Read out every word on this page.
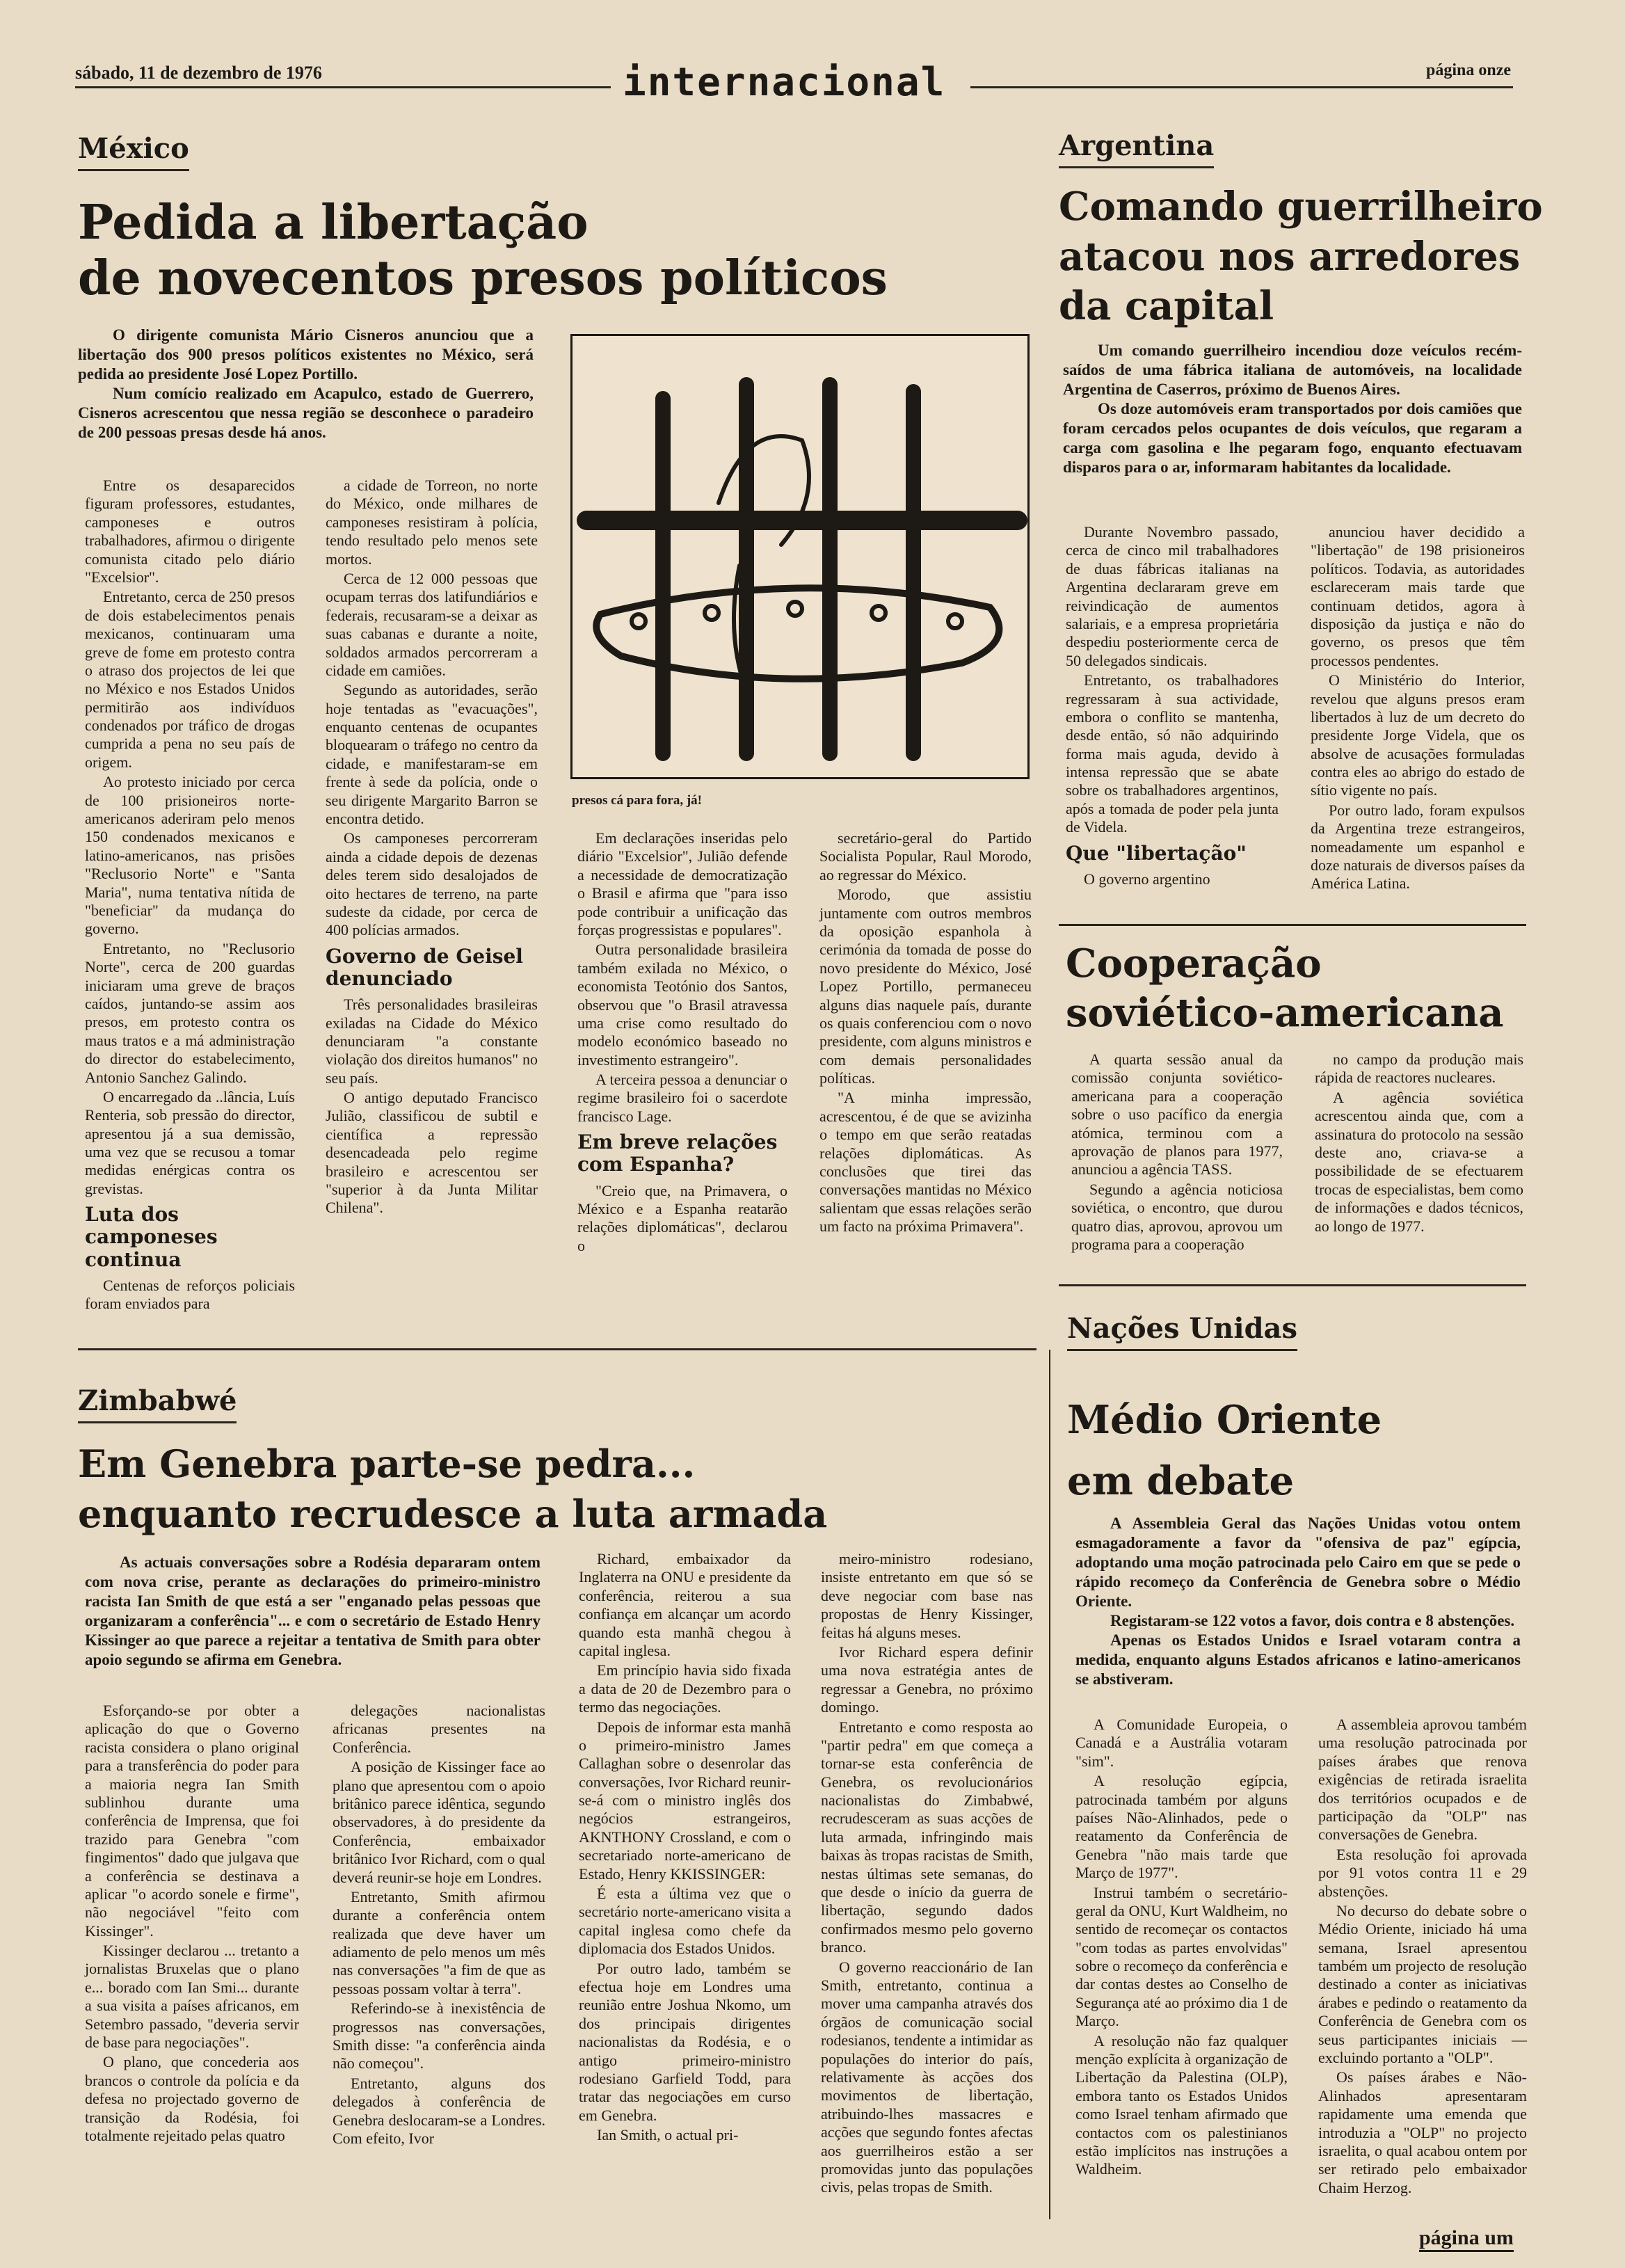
sábado, 11 de dezembro de 1976	internacional	página onze
México
Pedida a libertação
de novecentos presos políticos

O dirigente comunista Mário Cisneros anunciou que a libertação dos 900 presos políticos existentes no México, será pedida ao presidente José Lopez Portillo.

Num comício realizado em Acapulco, estado de Guerrero, Cisneros acrescentou que nessa região se desconhece o paradeiro de 200 pessoas presas desde há anos.

Entre os desaparecidos figuram professores, estudantes, camponeses e outros trabalhadores, afirmou o dirigente comunista citado pelo diário "Excelsior".

Entretanto, cerca de 250 presos de dois estabelecimentos penais mexicanos, continuaram uma greve de fome em protesto contra o atraso dos projectos de lei que no México e nos Estados Unidos permitirão aos indivíduos condenados por tráfico de drogas cumprida a pena no seu país de origem.

Ao protesto iniciado por cerca de 100 prisioneiros norte-americanos aderiram pelo menos 150 condenados mexicanos e latino-americanos, nas prisões "Reclusorio Norte" e "Santa Maria", numa tentativa nítida de "beneficiar" da mudança do governo.

Entretanto, no "Reclusorio Norte", cerca de 200 guardas iniciaram uma greve de braços caídos, juntando-se assim aos presos, em protesto contra os maus tratos e a má administração do director do estabelecimento, Antonio Sanchez Galindo.

O encarregado da ..lância, Luís Renteria, sob pressão do director, apresentou já a sua demissão, uma vez que se recusou a tomar medidas enérgicas contra os grevistas.

Luta dos camponeses continua

Centenas de reforços policiais foram enviados para

a cidade de Torreon, no norte do México, onde milhares de camponeses resistiram à polícia, tendo resultado pelo menos sete mortos.

Cerca de 12 000 pessoas que ocupam terras dos latifundiários e federais, recusaram-se a deixar as suas cabanas e durante a noite, soldados armados percorreram a cidade em camiões.

Segundo as autoridades, serão hoje tentadas as "evacuações", enquanto centenas de ocupantes bloquearam o tráfego no centro da cidade, e manifestaram-se em frente à sede da polícia, onde o seu dirigente Margarito Barron se encontra detido.

Os camponeses percorreram ainda a cidade depois de dezenas deles terem sido desalojados de oito hectares de terreno, na parte sudeste da cidade, por cerca de 400 polícias armados.

Governo de Geisel denunciado

Três personalidades brasileiras exiladas na Cidade do México denunciaram "a constante violação dos direitos humanos" no seu país.

O antigo deputado Francisco Julião, classificou de subtil e científica a repressão desencadeada pelo regime brasileiro e acrescentou ser "superior à da Junta Militar Chilena".

presos cá para fora, já!

Em declarações inseridas pelo diário "Excelsior", Julião defende a necessidade de democratização o Brasil e afirma que "para isso pode contribuir a unificação das forças progressistas e populares".

Outra personalidade brasileira também exilada no México, o economista Teotónio dos Santos, observou que "o Brasil atravessa uma crise como resultado do modelo económico baseado no investimento estrangeiro".

A terceira pessoa a denunciar o regime brasileiro foi o sacerdote francisco Lage.

Em breve relações com Espanha?

"Creio que, na Primavera, o México e a Espanha reatarão relações diplomáticas", declarou o

secretário-geral do Partido Socialista Popular, Raul Morodo, ao regressar do México.

Morodo, que assistiu juntamente com outros membros da oposição espanhola à cerimónia da tomada de posse do novo presidente do México, José Lopez Portillo, permaneceu alguns dias naquele país, durante os quais conferenciou com o novo presidente, com alguns ministros e com demais personalidades políticas.

"A minha impressão, acrescentou, é de que se avizinha o tempo em que serão reatadas relações diplomáticas. As conclusões que tirei das conversações mantidas no México salientam que essas relações serão um facto na próxima Primavera".

Argentina
Comando guerrilheiro atacou nos arredores da capital

Um comando guerrilheiro incendiou doze veículos recém-saídos de uma fábrica italiana de automóveis, na localidade Argentina de Caserros, próximo de Buenos Aires.

Os doze automóveis eram transportados por dois camiões que foram cercados pelos ocupantes de dois veículos, que regaram a carga com gasolina e lhe pegaram fogo, enquanto efectuavam disparos para o ar, informaram habitantes da localidade.

Durante Novembro passado, cerca de cinco mil trabalhadores de duas fábricas italianas na Argentina declararam greve em reivindicação de aumentos salariais, e a empresa proprietária despediu posteriormente cerca de 50 delegados sindicais.

Entretanto, os trabalhadores regressaram à sua actividade, embora o conflito se mantenha, desde então, só não adquirindo forma mais aguda, devido à intensa repressão que se abate sobre os trabalhadores argentinos, após a tomada de poder pela junta de Videla.

Que "libertação"

O governo argentino

anunciou haver decidido a "libertação" de 198 prisioneiros políticos. Todavia, as autoridades esclareceram mais tarde que continuam detidos, agora à disposição da justiça e não do governo, os presos que têm processos pendentes.

O Ministério do Interior, revelou que alguns presos eram libertados à luz de um decreto do presidente Jorge Videla, que os absolve de acusações formuladas contra eles ao abrigo do estado de sítio vigente no país.

Por outro lado, foram expulsos da Argentina treze estrangeiros, nomeadamente um espanhol e doze naturais de diversos países da América Latina.

Cooperação soviético-americana

A quarta sessão anual da comissão conjunta soviético-americana para a cooperação sobre o uso pacífico da energia atómica, terminou com a aprovação de planos para 1977, anunciou a agência TASS.

Segundo a agência noticiosa soviética, o encontro, que durou quatro dias, aprovou, aprovou um programa para a cooperação

no campo da produção mais rápida de reactores nucleares.

A agência soviética acrescentou ainda que, com a assinatura do protocolo na sessão deste ano, criava-se a possibilidade de se efectuarem trocas de especialistas, bem como de informações e dados técnicos, ao longo de 1977.

Nações Unidas
Médio Oriente
em debate

A Assembleia Geral das Nações Unidas votou ontem esmagadoramente a favor da "ofensiva de paz" egípcia, adoptando uma moção patrocinada pelo Cairo em que se pede o rápido recomeço da Conferência de Genebra sobre o Médio Oriente.

Registaram-se 122 votos a favor, dois contra e 8 abstenções.

Apenas os Estados Unidos e Israel votaram contra a medida, enquanto alguns Estados africanos e latino-americanos se abstiveram.

A Comunidade Europeia, o Canadá e a Austrália votaram "sim".

A resolução egípcia, patrocinada também por alguns países Não-Alinhados, pede o reatamento da Conferência de Genebra "não mais tarde que Março de 1977".

Instrui também o secretário-geral da ONU, Kurt Waldheim, no sentido de recomeçar os contactos "com todas as partes envolvidas" sobre o recomeço da conferência e dar contas destes ao Conselho de Segurança até ao próximo dia 1 de Março.

A resolução não faz qualquer menção explícita à organização de Libertação da Palestina (OLP), embora tanto os Estados Unidos como Israel tenham afirmado que contactos com os palestinianos estão implícitos nas instruções a Waldheim.

A assembleia aprovou também uma resolução patrocinada por países árabes que renova exigências de retirada israelita dos territórios ocupados e de participação da "OLP" nas conversações de Genebra.

Esta resolução foi aprovada por 91 votos contra 11 e 29 abstenções.

No decurso do debate sobre o Médio Oriente, iniciado há uma semana, Israel apresentou também um projecto de resolução destinado a conter as iniciativas árabes e pedindo o reatamento da Conferência de Genebra com os seus participantes iniciais — excluindo portanto a "OLP".

Os países árabes e Não-Alinhados apresentaram rapidamente uma emenda que introduzia a "OLP" no projecto israelita, o qual acabou ontem por ser retirado pelo embaixador Chaim Herzog.

Zimbabwé
Em Genebra parte-se pedra...
enquanto recrudesce a luta armada

As actuais conversações sobre a Rodésia depararam ontem com nova crise, perante as declarações do primeiro-ministro racista Ian Smith de que está a ser "enganado pelas pessoas que organizaram a conferência"... e com o secretário de Estado Henry Kissinger ao que parece a rejeitar a tentativa de Smith para obter apoio segundo se afirma em Genebra.

Esforçando-se por obter a aplicação do que o Governo racista considera o plano original para a transferência do poder para a maioria negra Ian Smith sublinhou durante uma conferência de Imprensa, que foi trazido para Genebra "com fingimentos" dado que julgava que a conferência se destinava a aplicar "o acordo sonele e firme", não negociável "feito com Kissinger".

Kissinger declarou ... tretanto a jornalistas Bruxelas que o plano e... borado com Ian Smi... durante a sua visita a países africanos, em Setembro passado, "deveria servir de base para negociações".

O plano, que concederia aos brancos o controle da polícia e da defesa no projectado governo de transição da Rodésia, foi totalmente rejeitado pelas quatro

delegações nacionalistas africanas presentes na Conferência.

A posição de Kissinger face ao plano que apresentou com o apoio britânico parece idêntica, segundo observadores, à do presidente da Conferência, embaixador britânico Ivor Richard, com o qual deverá reunir-se hoje em Londres.

Entretanto, Smith afirmou durante a conferência ontem realizada que deve haver um adiamento de pelo menos um mês nas conversações "a fim de que as pessoas possam voltar à terra".

Referindo-se à inexistência de progressos nas conversações, Smith disse: "a conferência ainda não começou".

Entretanto, alguns dos delegados à conferência de Genebra deslocaram-se a Londres. Com efeito, Ivor

Richard, embaixador da Inglaterra na ONU e presidente da conferência, reiterou a sua confiança em alcançar um acordo quando esta manhã chegou à capital inglesa.

Em princípio havia sido fixada a data de 20 de Dezembro para o termo das negociações.

Depois de informar esta manhã o primeiro-ministro James Callaghan sobre o desenrolar das conversações, Ivor Richard reunir-se-á com o ministro inglês dos negócios estrangeiros, AKNTHONY Crossland, e com o secretariado norte-americano de Estado, Henry KKISSINGER:

É esta a última vez que o secretário norte-americano visita a capital inglesa como chefe da diplomacia dos Estados Unidos.

Por outro lado, também se efectua hoje em Londres uma reunião entre Joshua Nkomo, um dos principais dirigentes nacionalistas da Rodésia, e o antigo primeiro-ministro rodesiano Garfield Todd, para tratar das negociações em curso em Genebra.

Ian Smith, o actual pri-

meiro-ministro rodesiano, insiste entretanto em que só se deve negociar com base nas propostas de Henry Kissinger, feitas há alguns meses.

Ivor Richard espera definir uma nova estratégia antes de regressar a Genebra, no próximo domingo.

Entretanto e como resposta ao "partir pedra" em que começa a tornar-se esta conferência de Genebra, os revolucionários nacionalistas do Zimbabwé, recrudesceram as suas acções de luta armada, infringindo mais baixas às tropas racistas de Smith, nestas últimas sete semanas, do que desde o início da guerra de libertação, segundo dados confirmados mesmo pelo governo branco.

O governo reaccionário de Ian Smith, entretanto, continua a mover uma campanha através dos órgãos de comunicação social rodesianos, tendente a intimidar as populações do interior do país, relativamente às acções dos movimentos de libertação, atribuindo-lhes massacres e acções que segundo fontes afectas aos guerrilheiros estão a ser promovidas junto das populações civis, pelas tropas de Smith.

página um
